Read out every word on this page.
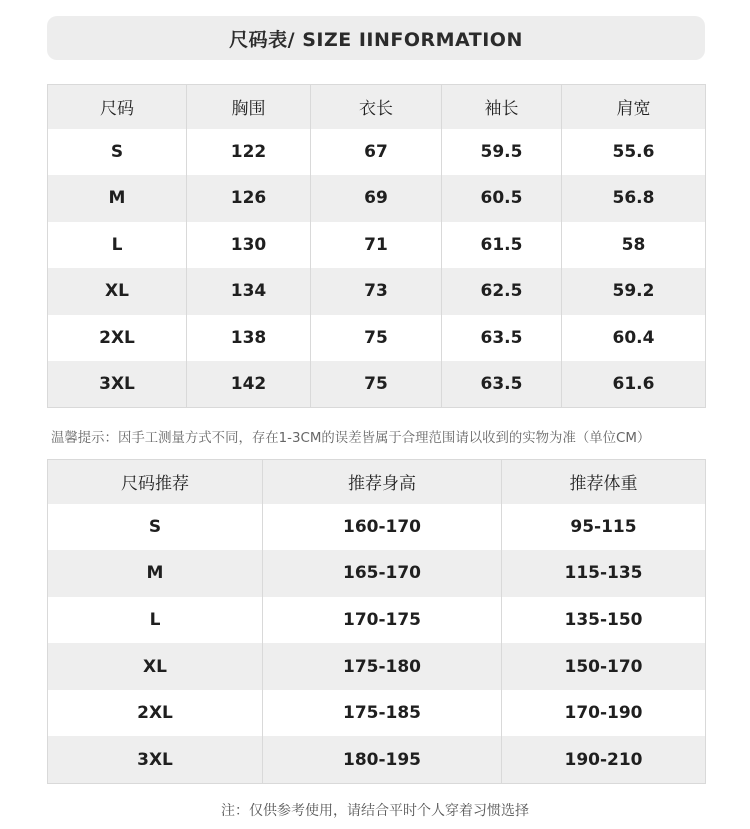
尺码表/ SIZE IINFORMATION
尺码	胸围	衣长	袖长	肩宽
S	122	67	59.5	55.6
M	126	69	60.5	56.8
L	130	71	61.5	58
XL	134	73	62.5	59.2
2XL	138	75	63.5	60.4
3XL	142	75	63.5	61.6
温馨提示：因手工测量方式不同，存在1-3CM的误差皆属于合理范围请以收到的实物为准（单位CM）
尺码推荐	推荐身高	推荐体重
S	160-170	95-115
M	165-170	115-135
L	170-175	135-150
XL	175-180	150-170
2XL	175-185	170-190
3XL	180-195	190-210
注：仅供参考使用，请结合平时个人穿着习惯选择
